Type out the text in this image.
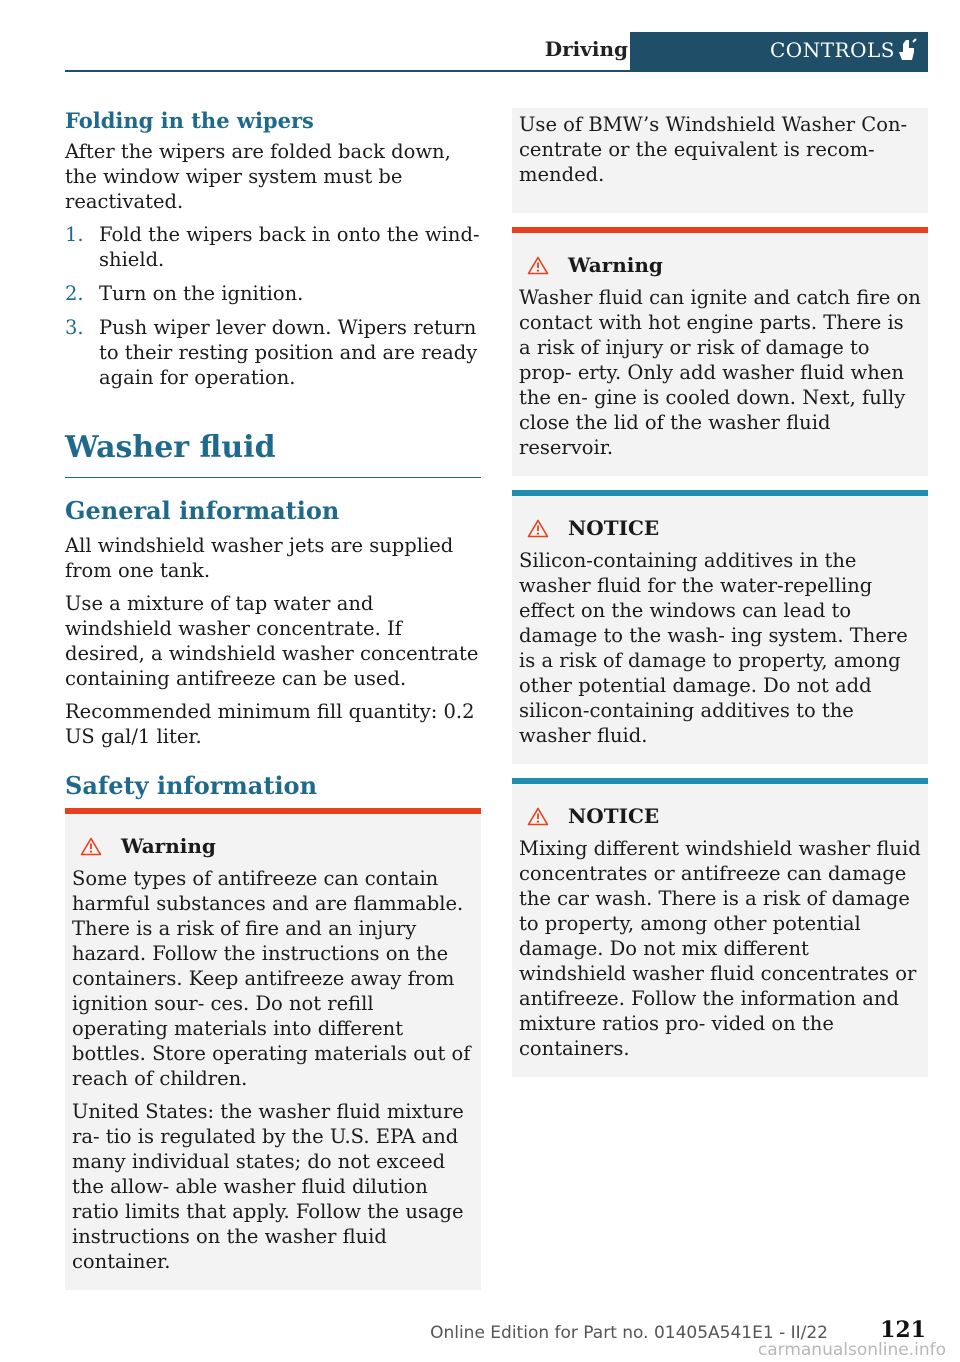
Driving	CONTROLS
Folding in the wipers

After the wipers are folded back down, the window wiper system must be reactivated.

1. Fold the wipers back in onto the wind‐ shield.
2. Turn on the ignition.
3. Push wiper lever down. Wipers return to their resting position and are ready again for operation.
Washer fluid
General information

All windshield washer jets are supplied from one tank.

Use a mixture of tap water and windshield washer concentrate. If desired, a windshield washer concentrate containing antifreeze can be used.

Recommended minimum fill quantity: 0.2 US gal/1 liter.

Safety information
Warning

Some types of antifreeze can contain harmful substances and are flammable. There is a risk of fire and an injury hazard. Follow the instructions on the containers. Keep antifreeze away from ignition sour‐ ces. Do not refill operating materials into different bottles. Store operating materials out of reach of children.

United States: the washer fluid mixture ra‐ tio is regulated by the U.S. EPA and many individual states; do not exceed the allow‐ able washer fluid dilution ratio limits that apply. Follow the usage instructions on the washer fluid container.

Use of BMW’s Windshield Washer Con‐ centrate or the equivalent is recom‐ mended.

Warning

Washer fluid can ignite and catch fire on contact with hot engine parts. There is a risk of injury or risk of damage to prop‐ erty. Only add washer fluid when the en‐ gine is cooled down. Next, fully close the lid of the washer fluid reservoir.

NOTICE

Silicon-containing additives in the washer fluid for the water-repelling effect on the windows can lead to damage to the wash‐ ing system. There is a risk of damage to property, among other potential damage. Do not add silicon-containing additives to the washer fluid.

NOTICE

Mixing different windshield washer fluid concentrates or antifreeze can damage the car wash. There is a risk of damage to property, among other potential damage. Do not mix different windshield washer fluid concentrates or antifreeze. Follow the information and mixture ratios pro‐ vided on the containers.

121
Online Edition for Part no. 01405A541E1 - II/22
carmanualsonline.info
